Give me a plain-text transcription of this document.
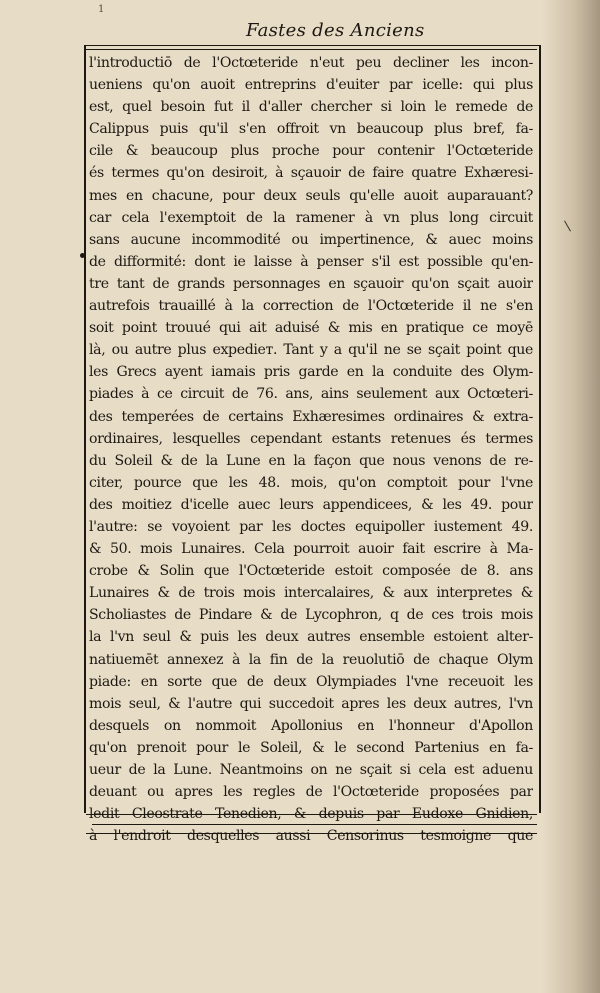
1
Fastes des Anciens
l'introductiō de l'Octœteride n'eut peu decliner les incon-
ueniens qu'on auoit entreprins d'euiter par icelle: qui plus
est, quel besoin fut il d'aller chercher si loin le remede de
Calippus puis qu'il s'en offroit vn beaucoup plus bref, fa-
cile & beaucoup plus proche pour contenir l'Octœteride
és termes qu'on desiroit, à sçauoir de faire quatre Exhæresi-
mes en chacune, pour deux seuls qu'elle auoit auparauant?
car cela l'exemptoit de la ramener à vn plus long circuit
sans aucune incommodité ou impertinence, & auec moins
de difformité: dont ie laisse à penser s'il est possible qu'en-
tre tant de grands personnages en sçauoir qu'on sçait auoir
autrefois trauaillé à la correction de l'Octœteride il ne s'en
soit point trouué qui ait aduisé & mis en pratique ce moyē
là, ou autre plus expedieт. Tant y a qu'il ne se sçait point que
les Grecs ayent iamais pris garde en la conduite des Olym-
piades à ce circuit de 76. ans, ains seulement aux Octœteri-
des temperées de certains Exhæresimes ordinaires & extra-
ordinaires, lesquelles cependant estants retenues és termes
du Soleil & de la Lune en la façon que nous venons de re-
citer, pource que les 48. mois, qu'on comptoit pour l'vne
des moitiez d'icelle auec leurs appendicees, & les 49. pour
l'autre: se voyoient par les doctes equipoller iustement 49.
& 50. mois Lunaires. Cela pourroit auoir fait escrire à Ma-
crobe & Solin que l'Octœteride estoit composée de 8. ans
Lunaires & de trois mois intercalaires, & aux interpretes &
Scholiastes de Pindare & de Lycophron, q de ces trois mois
la l'vn seul & puis les deux autres ensemble estoient alter-
natiuemēt annexez à la fin de la reuolutiō de chaque Olym
piade: en sorte que de deux Olympiades l'vne receuoit les
mois seul, & l'autre qui succedoit apres les deux autres, l'vn
desquels on nommoit Apollonius en l'honneur d'Apollon
qu'on prenoit pour le Soleil, & le second Partenius en fa-
ueur de la Lune. Neantmoins on ne sçait si cela est aduenu
deuant ou apres les regles de l'Octœteride proposées par
ledit Cleostrate Tenedien, & depuis par Eudoxe Gnidien,
à l'endroit desquelles aussi Censorinus tesmoigne que
